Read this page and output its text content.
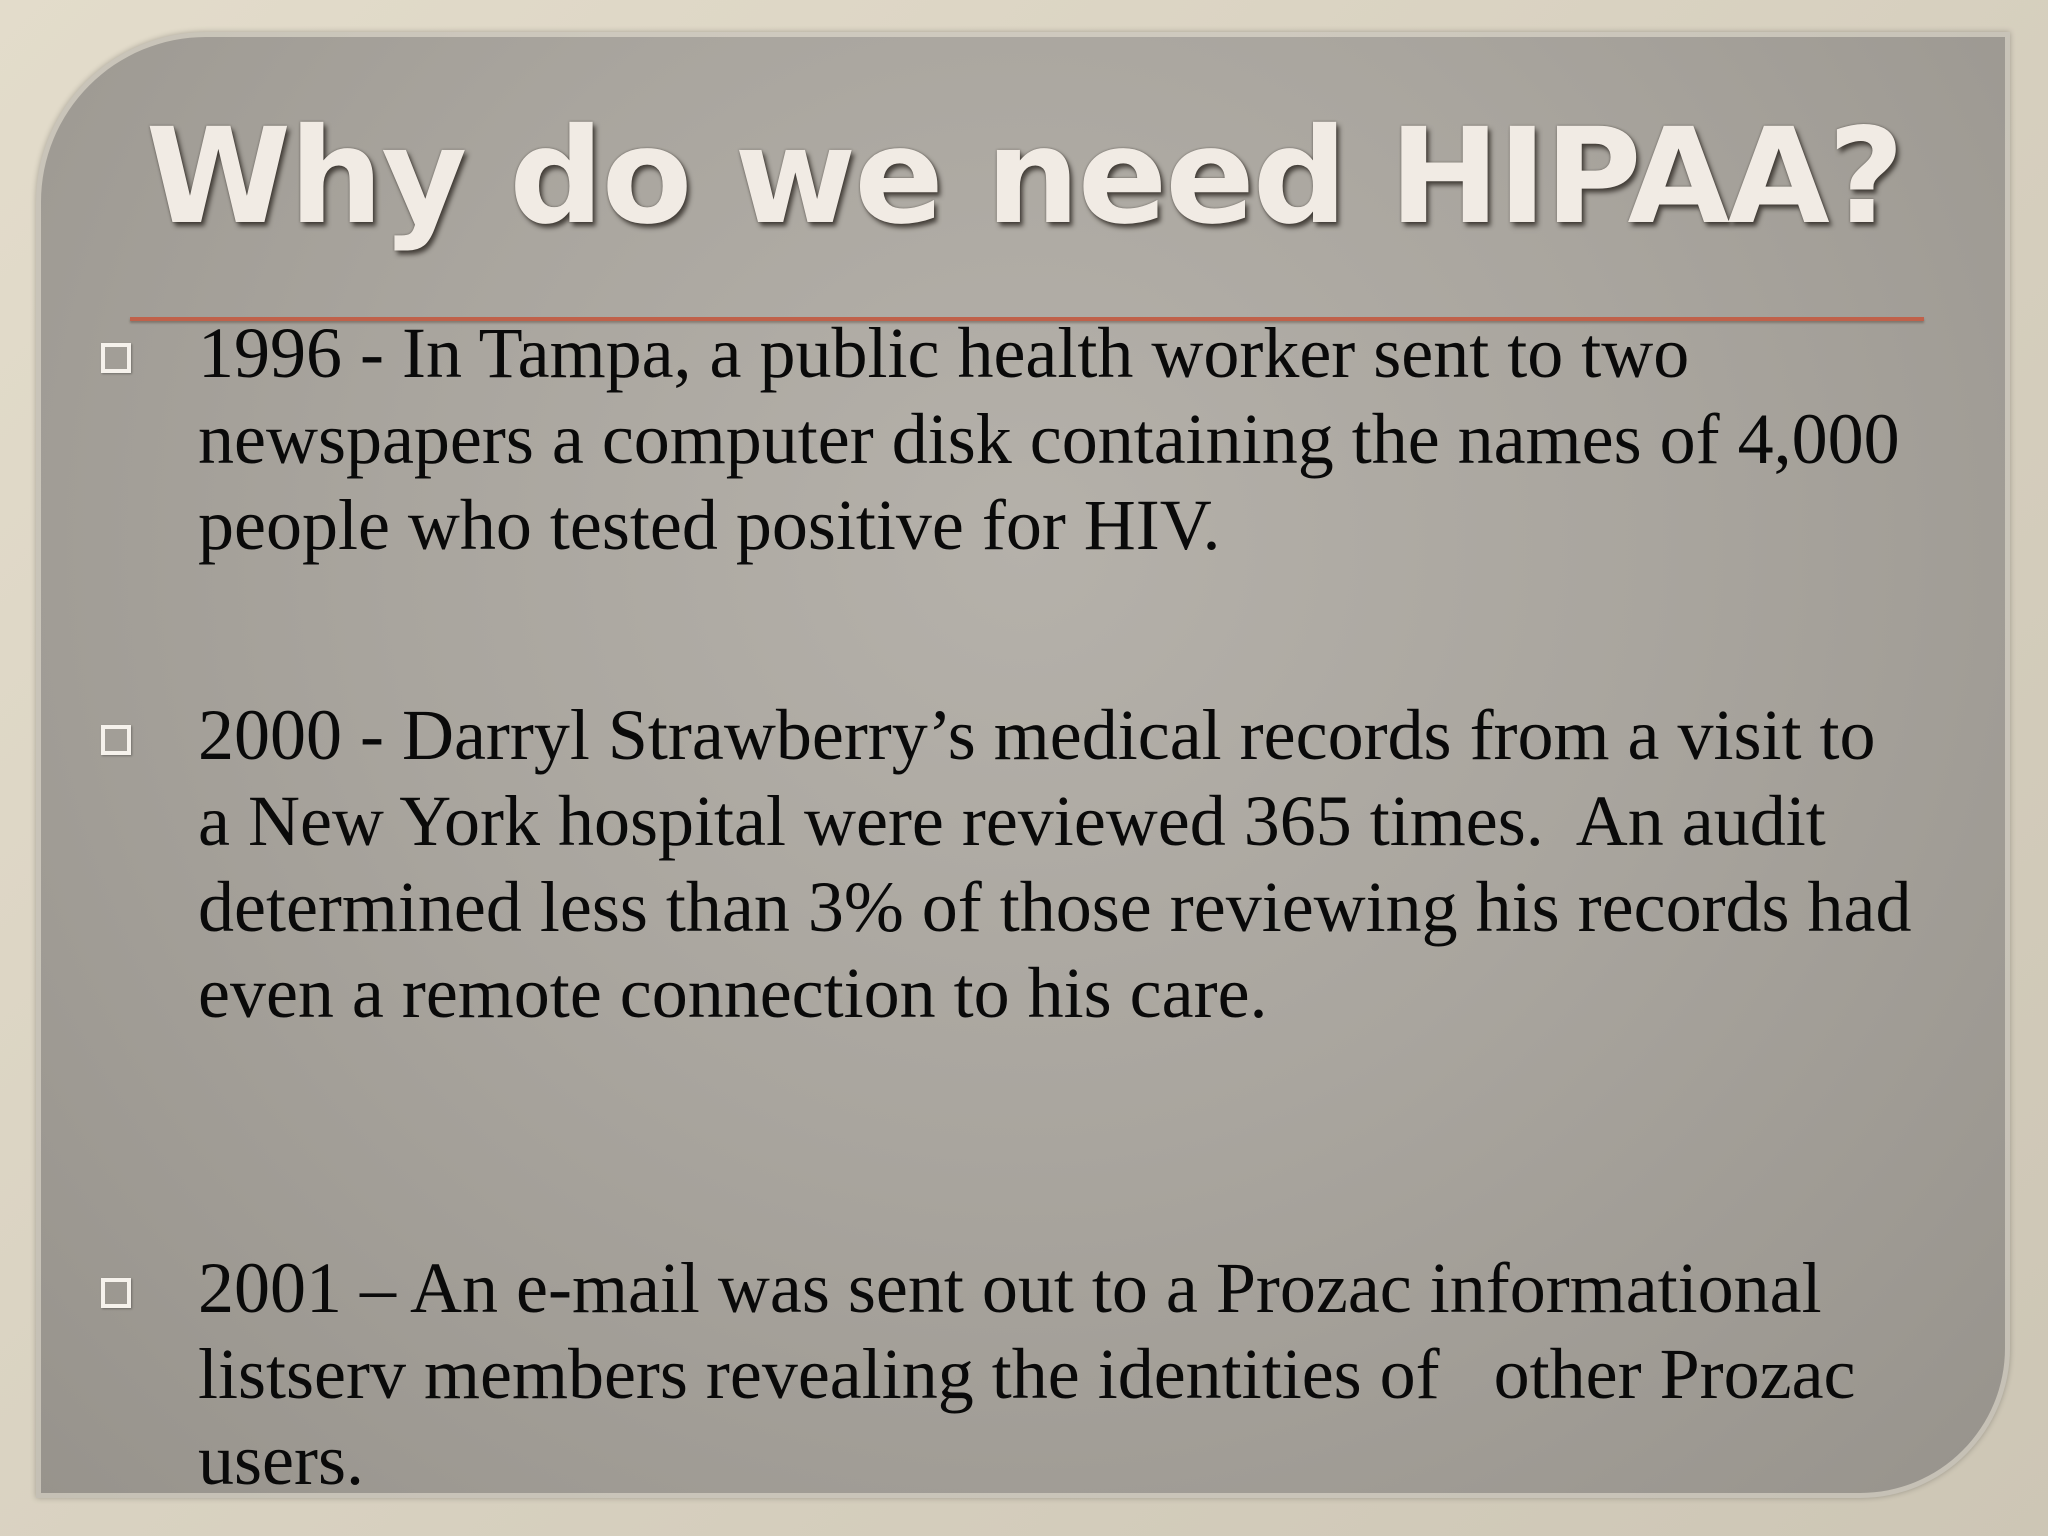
Why do we need HIPAA?
1996 - In Tampa, a public health worker sent to two newspapers a computer disk containing the names of 4,000 people who tested positive for HIV.
2000 - Darryl Strawberry’s medical records from a visit to a New York hospital were reviewed 365 times.  An audit determined less than 3% of those reviewing his records had even a remote connection to his care.
2001 – An e-mail was sent out to a Prozac informational listserv members revealing the identities of   other Prozac users.
